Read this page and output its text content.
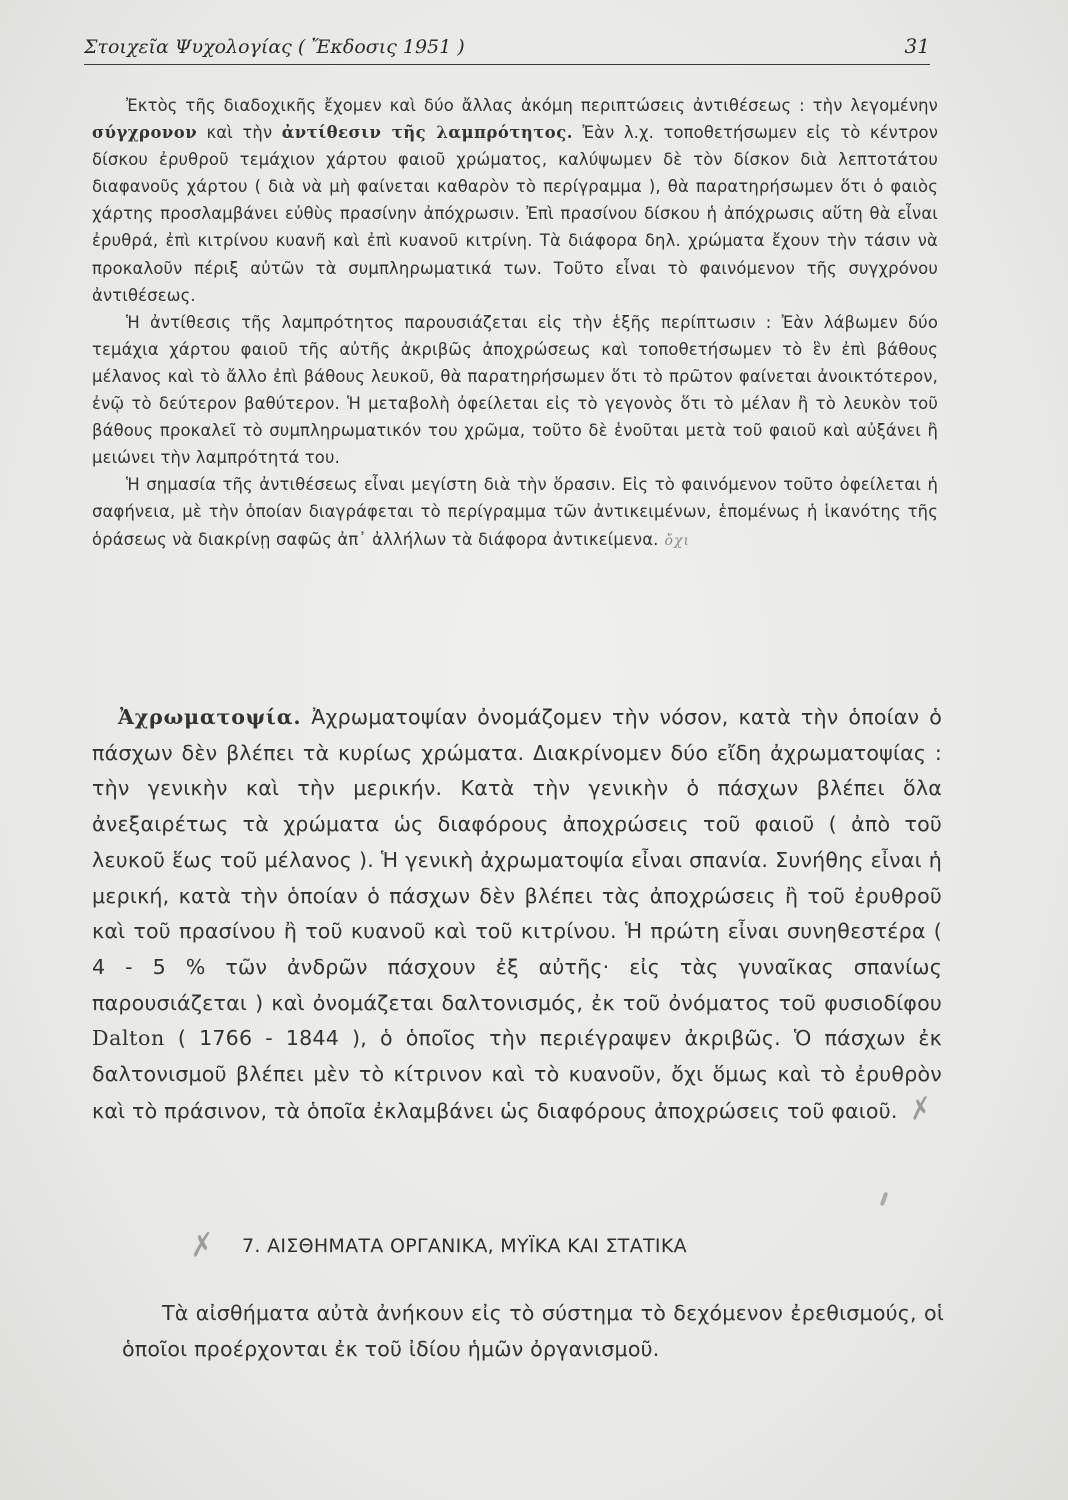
Στοιχεῖα Ψυχολογίας ( Ἔκδοσις 1951 )	31

Ἐκτὸς τῆς διαδοχικῆς ἔχομεν καὶ δύο ἄλλας ἀκόμη περιπτώσεις ἀντιθέσεως : τὴν λεγομένην σύγχρονον καὶ τὴν ἀντίθεσιν τῆς λαμπρότητος. Ἐὰν λ.χ. τοποθετήσωμεν εἰς τὸ κέντρον δίσκου ἐρυθροῦ τεμάχιον χάρτου φαιοῦ χρώματος, καλύψωμεν δὲ τὸν δίσκον διὰ λεπτοτάτου διαφανοῦς χάρτου ( διὰ νὰ μὴ φαίνεται καθαρὸν τὸ περίγραμμα ), θὰ παρατηρήσωμεν ὅτι ὁ φαιὸς χάρτης προσλαμβάνει εὐθὺς πρασίνην ἀπόχρωσιν. Ἐπὶ πρασίνου δίσκου ἡ ἀπόχρωσις αὕτη θὰ εἶναι ἐρυθρά, ἐπὶ κιτρίνου κυανῆ καὶ ἐπὶ κυανοῦ κιτρίνη. Τὰ διάφορα δηλ. χρώματα ἔχουν τὴν τάσιν νὰ προκαλοῦν πέριξ αὐτῶν τὰ συμπληρωματικά των. Τοῦτο εἶναι τὸ φαινόμενον τῆς συγχρόνου ἀντιθέσεως.

Ἡ ἀντίθεσις τῆς λαμπρότητος παρουσιάζεται εἰς τὴν ἑξῆς περίπτωσιν : Ἐὰν λάβωμεν δύο τεμάχια χάρτου φαιοῦ τῆς αὐτῆς ἀκριβῶς ἀποχρώσεως καὶ τοποθετήσωμεν τὸ ἓν ἐπὶ βάθους μέλανος καὶ τὸ ἄλλο ἐπὶ βάθους λευκοῦ, θὰ παρατηρήσωμεν ὅτι τὸ πρῶτον φαίνεται ἀνοικτότερον, ἐνῷ τὸ δεύτερον βαθύτερον. Ἡ μεταβολὴ ὀφείλεται εἰς τὸ γεγονὸς ὅτι τὸ μέλαν ἢ τὸ λευκὸν τοῦ βάθους προκαλεῖ τὸ συμπληρωματικόν του χρῶμα, τοῦτο δὲ ἑνοῦται μετὰ τοῦ φαιοῦ καὶ αὐξάνει ἢ μειώνει τὴν λαμπρότητά του.

Ἡ σημασία τῆς ἀντιθέσεως εἶναι μεγίστη διὰ τὴν ὅρασιν. Εἰς τὸ φαινόμενον τοῦτο ὀφείλεται ἡ σαφήνεια, μὲ τὴν ὁποίαν διαγράφεται τὸ περίγραμμα τῶν ἀντικειμένων, ἑπομένως ἡ ἱκανότης τῆς ὁράσεως νὰ διακρίνῃ σαφῶς ἀπ᾿ ἀλλήλων τὰ διάφορα ἀντικείμενα. ὄχι

Ἀχρωματοψία. Ἀχρωματοψίαν ὀνομάζομεν τὴν νόσον, κατὰ τὴν ὁποίαν ὁ πάσχων δὲν βλέπει τὰ κυρίως χρώματα. Διακρίνομεν δύο εἴδη ἀχρωματοψίας : τὴν γενικὴν καὶ τὴν μερικήν. Κατὰ τὴν γενικὴν ὁ πάσχων βλέπει ὅλα ἀνεξαιρέτως τὰ χρώματα ὡς διαφόρους ἀποχρώσεις τοῦ φαιοῦ ( ἀπὸ τοῦ λευκοῦ ἕως τοῦ μέλανος ). Ἡ γενικὴ ἀχρωματοψία εἶναι σπανία. Συνήθης εἶναι ἡ μερική, κατὰ τὴν ὁποίαν ὁ πάσχων δὲν βλέπει τὰς ἀποχρώσεις ἢ τοῦ ἐρυθροῦ καὶ τοῦ πρασίνου ἢ τοῦ κυανοῦ καὶ τοῦ κιτρίνου. Ἡ πρώτη εἶναι συνηθεστέρα ( 4 - 5 % τῶν ἀνδρῶν πάσχουν ἐξ αὐτῆς· εἰς τὰς γυναῖκας σπανίως παρουσιάζεται ) καὶ ὀνομάζεται δαλτονισμός, ἐκ τοῦ ὀνόματος τοῦ φυσιοδίφου Dalton ( 1766 - 1844 ), ὁ ὁποῖος τὴν περιέγραψεν ἀκριβῶς. Ὁ πάσχων ἐκ δαλτονισμοῦ βλέπει μὲν τὸ κίτρινον καὶ τὸ κυανοῦν, ὄχι ὅμως καὶ τὸ ἐρυθρὸν καὶ τὸ πράσινον, τὰ ὁποῖα ἐκλαμβάνει ὡς διαφόρους ἀποχρώσεις τοῦ φαιοῦ. ✗

✗ 7. ΑΙΣΘΗΜΑΤΑ ΟΡΓΑΝΙΚΑ, ΜΥΪΚΑ ΚΑΙ ΣΤΑΤΙΚΑ

Τὰ αἰσθήματα αὐτὰ ἀνήκουν εἰς τὸ σύστημα τὸ δεχόμενον ἐρεθισμούς, οἱ ὁποῖοι προέρχονται ἐκ τοῦ ἰδίου ἡμῶν ὀργανισμοῦ.
